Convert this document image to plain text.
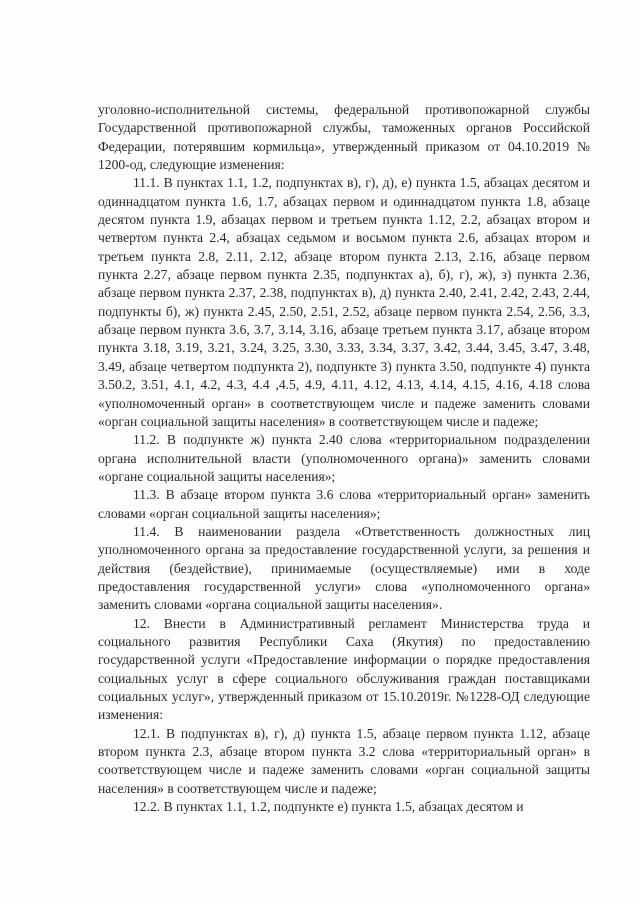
уголовно-исполнительной системы, федеральной противопожарной службы Государственной противопожарной службы, таможенных органов Российской Федерации, потерявшим кормильца», утвержденный приказом от 04.10.2019 № 1200-од, следующие изменения:

11.1. В пунктах 1.1, 1.2, подпунктах в), г), д), е) пункта 1.5, абзацах десятом и одиннадцатом пункта 1.6, 1.7, абзацах первом и одиннадцатом пункта 1.8, абзаце десятом пункта 1.9, абзацах первом и третьем пункта 1.12, 2.2, абзацах втором и четвертом пункта 2.4, абзацах седьмом и восьмом пункта 2.6, абзацах втором и третьем пункта 2.8, 2.11, 2.12, абзаце втором пункта 2.13, 2.16, абзаце первом пункта 2.27, абзаце первом пункта 2.35, подпунктах а), б), г), ж), з) пункта 2.36, абзаце первом пункта 2.37, 2.38, подпунктах в), д) пункта 2.40, 2.41, 2.42, 2.43, 2.44, подпункты б), ж) пункта 2.45, 2.50, 2.51, 2.52, абзаце первом пункта 2.54, 2.56, 3.3, абзаце первом пункта 3.6, 3.7, 3.14, 3.16, абзаце третьем пункта 3.17, абзаце втором пункта 3.18, 3.19, 3.21, 3.24, 3.25, 3.30, 3.33, 3.34, 3.37, 3.42, 3.44, 3.45, 3.47, 3.48, 3.49, абзаце четвертом подпункта 2), подпункте 3) пункта 3.50, подпункте 4) пункта 3.50.2, 3.51, 4.1, 4.2, 4.3, 4.4 ,4.5, 4.9, 4.11, 4.12, 4.13, 4.14, 4.15, 4.16, 4.18 слова «уполномоченный орган» в соответствующем числе и падеже заменить словами «орган социальной защиты населения» в соответствующем числе и падеже;

11.2. В подпункте ж) пункта 2.40 слова «территориальном подразделении органа исполнительной власти (уполномоченного органа)» заменить словами «органе социальной защиты населения»;

11.3. В абзаце втором пункта 3.6 слова «территориальный орган» заменить словами «орган социальной защиты населения»;

11.4. В наименовании раздела «Ответственность должностных лиц уполномоченного органа за предоставление государственной услуги, за решения и действия (бездействие), принимаемые (осуществляемые) ими в ходе предоставления государственной услуги» слова «уполномоченного органа» заменить словами «органа социальной защиты населения».

12. Внести в Административный регламент Министерства труда и социального развития Республики Саха (Якутия) по предоставлению государственной услуги «Предоставление информации о порядке предоставления социальных услуг в сфере социального обслуживания граждан поставщиками социальных услуг», утвержденный приказом от 15.10.2019г. №1228-ОД следующие изменения:

12.1. В подпунктах в), г), д) пункта 1.5, абзаце первом пункта 1.12, абзаце втором пункта 2.3, абзаце втором пункта 3.2 слова «территориальный орган» в соответствующем числе и падеже заменить словами «орган социальной защиты населения» в соответствующем числе и падеже;

12.2. В пунктах 1.1, 1.2, подпункте е) пункта 1.5, абзацах десятом и
